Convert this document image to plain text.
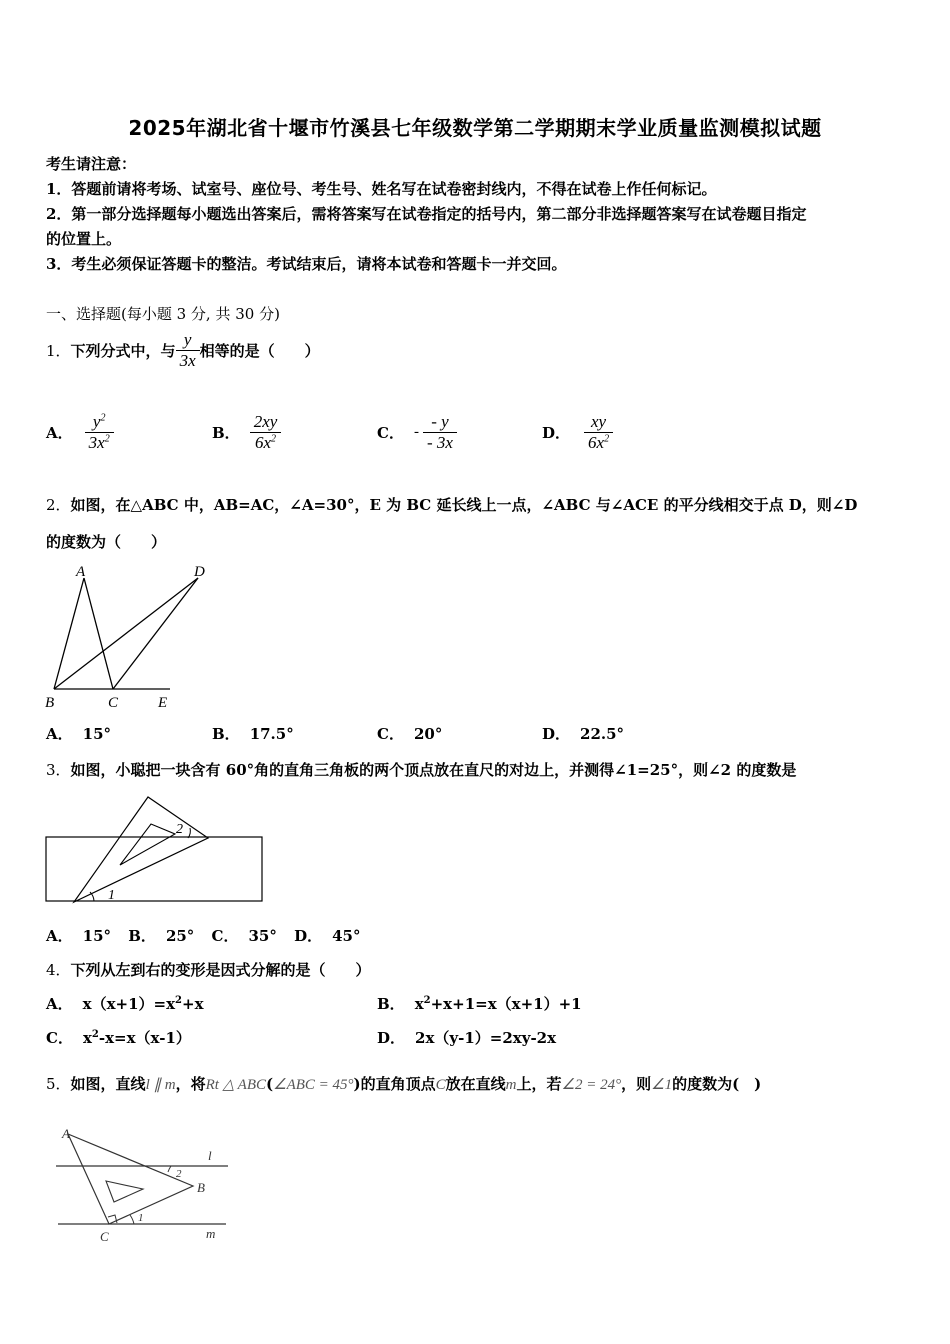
2025年湖北省十堰市竹溪县七年级数学第二学期期末学业质量监测模拟试题
考生请注意：
1．答题前请将考场、试室号、座位号、考生号、姓名写在试卷密封线内，不得在试卷上作任何标记。
2．第一部分选择题每小题选出答案后，需将答案写在试卷指定的括号内，第二部分非选择题答案写在试卷题目指定
的位置上。
3．考生必须保证答题卡的整洁。考试结束后，请将本试卷和答题卡一并交回。
一、选择题(每小题 3 分, 共 30 分)
1． 下列分式中，与 $\frac{y}{3x}$ 相等的是（　　）
A． $\frac{y^2}{3x^2}$	B． $\frac{2xy}{6x^2}$	C． - $\frac{- y}{- 3x}$	D． $\frac{xy}{6x^2}$
2．如图，在△ABC 中，AB=AC，∠A=30°，E 为 BC 延长线上一点，∠ABC 与∠ACE 的平分线相交于点 D，则∠D
的度数为（　　）
A	D
B	C	E
A． 15°	B． 17.5°	C． 20°	D． 22.5°
3．如图，小聪把一块含有 60°角的直角三角板的两个顶点放在直尺的对边上，并测得∠1=25°，则∠2 的度数是
1
2
A． 15° B． 25° C． 35° D． 45°
4．下列从左到右的变形是因式分解的是（　　）
A． $x(x+1)=x^2+x$	B． $x^2+x+1=x(x+1)+1$
C． $x^2-x=x(x-1)$	D． 2x（y-1）=2xy-2x
5．如图，直线l ∥ m，将Rt △ ABC(∠ABC = 45°)的直角顶点C放在直线m上，若∠2 = 24°，则∠1的度数为(　)
A
B
C
l
m
2
1
